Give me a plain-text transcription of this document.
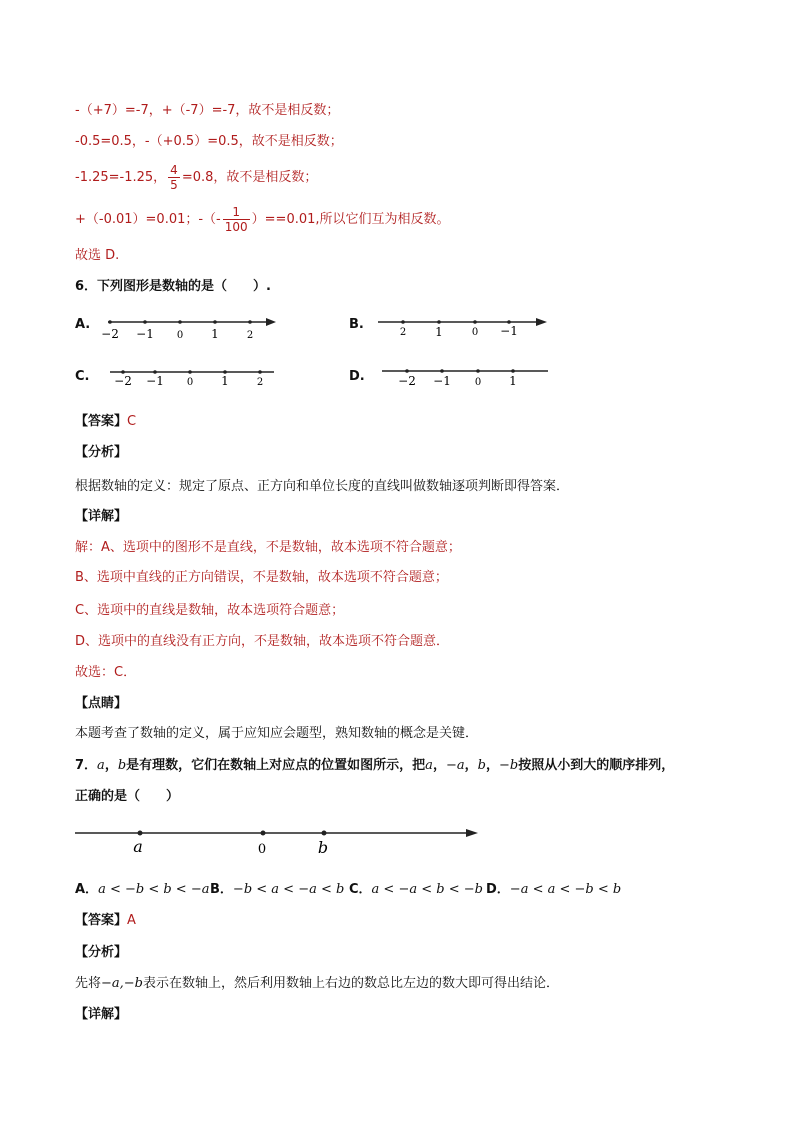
-（+7）=-7，+（-7）=-7，故不是相反数；
-0.5=0.5，-（+0.5）=0.5，故不是相反数；
-1.25=-1.25， $\frac{4}{5} =0.8$，故不是相反数；
+（-0.01）=0.01；-（- $\frac{1}{100} )==0.01$,所以它们互为相反数。
故选 D.
6．下列图形是数轴的是（　　）.
A.
−2 −1 0 1	2
B.
2 1	0 −1
C. −2 −1 0 1	2	D.	−2 −1 0 1
【答案】C
【分析】
根据数轴的定义：规定了原点、正方向和单位长度的直线叫做数轴逐项判断即得答案．
【详解】
解：A、选项中的图形不是直线，不是数轴，故本选项不符合题意；
B、选项中直线的正方向错误，不是数轴，故本选项不符合题意；
C、选项中的直线是数轴，故本选项符合题意；
D、选项中的直线没有正方向，不是数轴，故本选项不符合题意．
故选：C．
【点睛】
本题考查了数轴的定义，属于应知应会题型，熟知数轴的概念是关键．
7．a，b是有理数，它们在数轴上对应点的位置如图所示，把a，−a，b，−b按照从小到大的顺序排列，
正确的是（　　）
a	0	b
A．a < −b < b < −aB．−b < a < −a < b C．a < −a < b < −b D．−a < a < −b < b
【答案】A
【分析】
先将−a,−b表示在数轴上，然后利用数轴上右边的数总比左边的数大即可得出结论．
【详解】
